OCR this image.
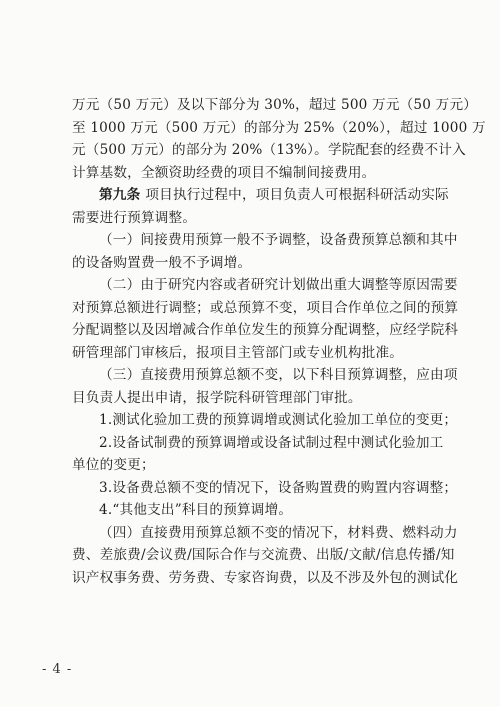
万元（50 万元）及以下部分为 30%，超过 500 万元（50 万元）
至 1000 万元（500 万元）的部分为 25%（20%），超过 1000 万
元（500 万元）的部分为 20%（13%）。学院配套的经费不计入
计算基数，全额资助经费的项目不编制间接费用。
第九条 项目执行过程中，项目负责人可根据科研活动实际
需要进行预算调整。
（一）间接费用预算一般不予调整，设备费预算总额和其中
的设备购置费一般不予调增。
（二）由于研究内容或者研究计划做出重大调整等原因需要
对预算总额进行调整；或总预算不变，项目合作单位之间的预算
分配调整以及因增减合作单位发生的预算分配调整，应经学院科
研管理部门审核后，报项目主管部门或专业机构批准。
（三）直接费用预算总额不变，以下科目预算调整，应由项
目负责人提出申请，报学院科研管理部门审批。
1.测试化验加工费的预算调增或测试化验加工单位的变更；
2.设备试制费的预算调增或设备试制过程中测试化验加工
单位的变更；
3.设备费总额不变的情况下，设备购置费的购置内容调整；
4.“其他支出”科目的预算调增。
（四）直接费用预算总额不变的情况下，材料费、燃料动力
费、差旅费/会议费/国际合作与交流费、出版/文献/信息传播/知
识产权事务费、劳务费、专家咨询费，以及不涉及外包的测试化
- 4 -
